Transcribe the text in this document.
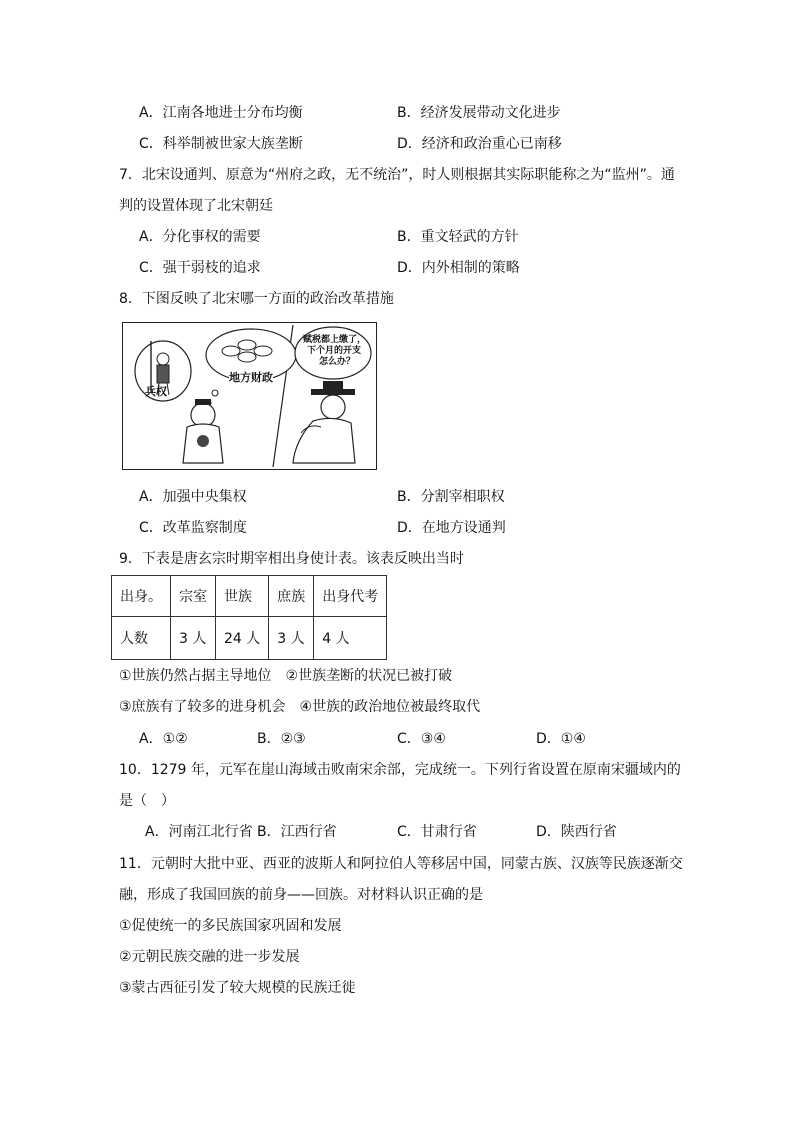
A．江南各地进士分布均衡	B．经济发展带动文化进步
C．科举制被世家大族垄断	D．经济和政治重心已南移
7．北宋设通判、原意为“州府之政，无不统治”，时人则根据其实际职能称之为“监州”。通
判的设置体现了北宋朝廷
A．分化事权的需要	B．重文轻武的方针
C．强干弱枝的追求	D．内外相制的策略
8．下图反映了北宋哪一方面的政治改革措施
兵权
地方财政
赋税都上缴了，
下个月的开支
怎么办？
A．加强中央集权	B．分割宰相职权
C．改革监察制度	D．在地方设通判
9．下表是唐玄宗时期宰相出身使计表。该表反映出当时
出身。	宗室	世族	庶族	出身代考
人数	3 人	24 人	3 人	4 人
①世族仍然占据主导地位　②世族垄断的状况已被打破
③庶族有了较多的进身机会　④世族的政治地位被最终取代
A．①②	B．②③	C．③④	D．①④
10．1279 年，元军在崖山海域击败南宋余部，完成统一。下列行省设置在原南宋疆域内的
是（　）
A．河南江北行省 B．江西行省	C．甘肃行省	D．陕西行省
11．元朝时大批中亚、西亚的波斯人和阿拉伯人等移居中国，同蒙古族、汉族等民族逐渐交
融，形成了我国回族的前身——回族。对材料认识正确的是
①促使统一的多民族国家巩固和发展
②元朝民族交融的进一步发展
③蒙古西征引发了较大规模的民族迁徙
